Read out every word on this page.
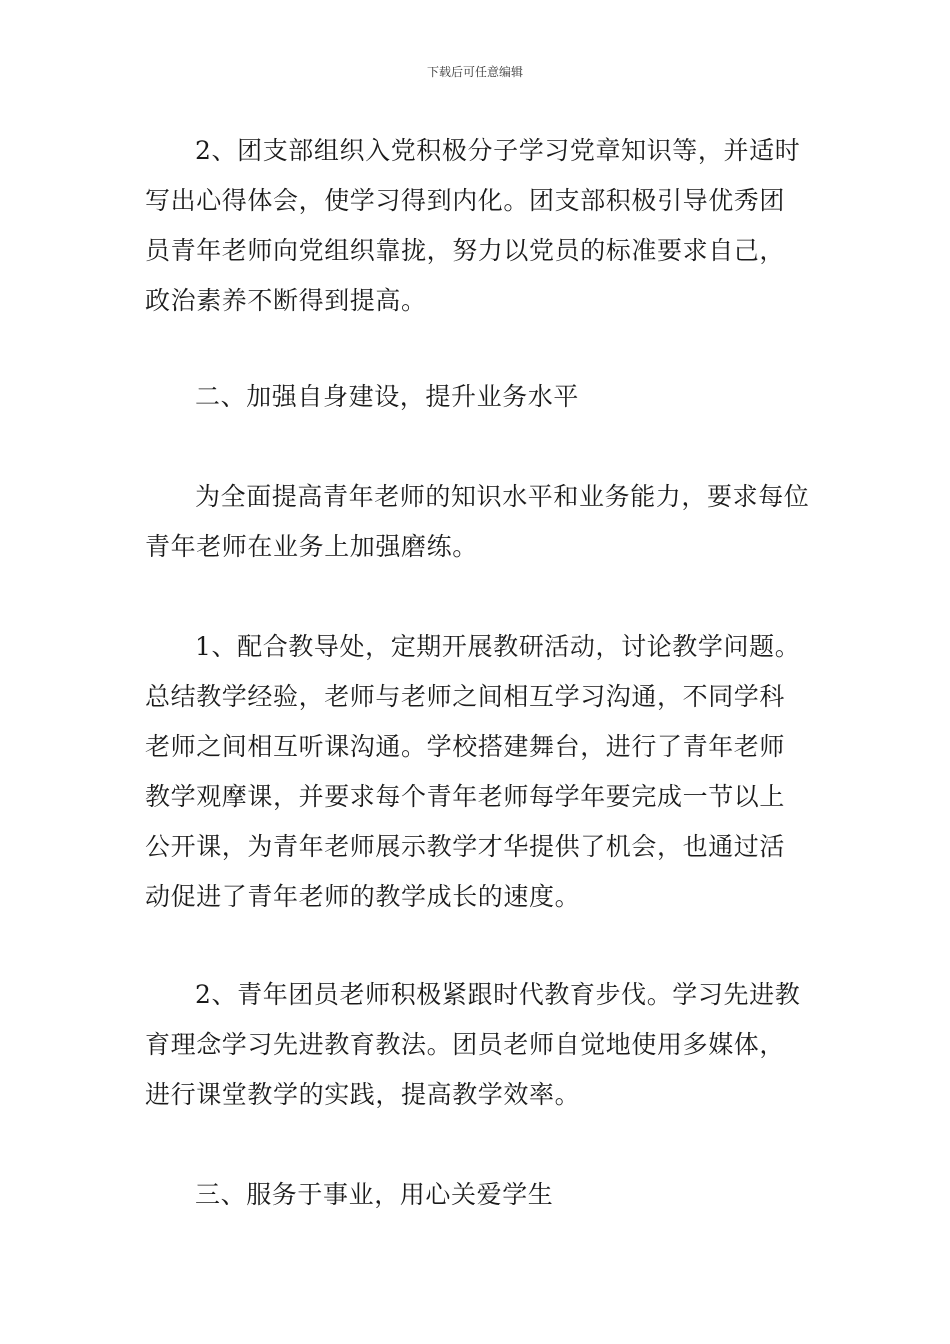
下载后可任意编辑

2、团支部组织入党积极分子学习党章知识等，并适时写出心得体会，使学习得到内化。团支部积极引导优秀团员青年老师向党组织靠拢，努力以党员的标准要求自己，政治素养不断得到提高。

二、加强自身建设，提升业务水平

为全面提高青年老师的知识水平和业务能力，要求每位青年老师在业务上加强磨练。

1、配合教导处，定期开展教研活动，讨论教学问题。总结教学经验，老师与老师之间相互学习沟通，不同学科老师之间相互听课沟通。学校搭建舞台，进行了青年老师教学观摩课，并要求每个青年老师每学年要完成一节以上公开课，为青年老师展示教学才华提供了机会，也通过活动促进了青年老师的教学成长的速度。

2、青年团员老师积极紧跟时代教育步伐。学习先进教育理念学习先进教育教法。团员老师自觉地使用多媒体，进行课堂教学的实践，提高教学效率。

三、服务于事业，用心关爱学生
